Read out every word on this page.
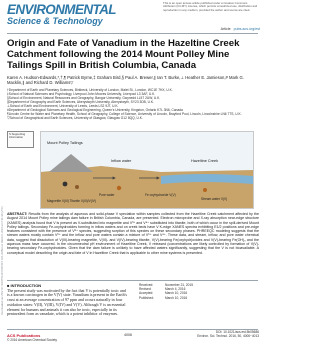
ENVIRONMENTAL
Science & Technology
This is an open access article published under a Creative Commons Attribution (CC-BY) License, which permits unrestricted use, distribution and reproduction in any medium, provided the author and source are cited.
Article pubs.acs.org/est
Origin and Fate of Vanadium in the Hazeltine Creek Catchment following the 2014 Mount Polley Mine Tailings Spill in British Columbia, Canada
Karen A. Hudson-Edwards,*,†,¶ Patrick Byrne,‡ Graham Bird,§ Paul A. Brewer,∥ Ian T. Burke,⊥ Heather E. Jamieson,# Mark G. Macklin,∥ and Richard D. Williams▽
†Department of Earth and Planetary Sciences, Birkbeck, University of London, Malet St., London, WC1E 7HX, U.K.
‡School of Natural Sciences and Psychology, Liverpool John Moores University, Liverpool L3 3AF, U.K.
§School of Environment, Natural Resources and Geography, Bangor University, Gwynedd LL57 2UW, U.K.
∥Department of Geography and Earth Sciences, Aberystwyth University, Aberystwyth, SY23 3DB, U.K.
⊥School of Earth and Environment, University of Leeds, Leeds LS2 9JT, U.K.
#Department of Geological Sciences and Geological Engineering, Queen's University, Kingston, Ontario K7L 3N6, Canada
¶Lincoln Centre for Water and Planetary Health, School of Geography, College of Science, University of Lincoln, Brayford Pool, Lincoln, Lincolnshire LN6 7TS, U.K.
▽School of Geographical and Earth Sciences, University of Glasgow, Glasgow G12 8QQ, U.K.
Downloaded via UNIV OF NORTHERN BRITISH COLUMBIA on March 6, 2024 at 17:21:43 (UTC).
S Supporting Information
Mount Polley Tailings
Magnetite V(III) Titanite V(III)/V(IV)
Inflow water	Hazeltine Creek
Pore water	Fe oxyhydroxide V(V)
Stream water V(V)
ABSTRACT: Results from the analysis of aqueous and solid-phase V speciation within samples collected from the Hazeltine Creek catchment affected by the August 2014 Mount Polley mine tailings dam failure in British Columbia, Canada, are presented. Electron microprobe and X-ray absorption near-edge structure (XANES) analysis found that V is present as V-substituted into magnetite and V³⁺ and V⁴⁺ substituted into titanite, both of which occur in the spill-derived Mount Polley tailings. Secondary Fe-oxyhydroxides forming in inflow waters and on creek beds have V K-edge XANES spectra exhibiting E1/2 positions and pre-edge features consistent with the presence of V⁵⁺ species, suggesting sorption of this species on these secondary phases. PHREEQC modeling suggests that the stream waters mostly contain V⁵⁺ and the inflow and pore waters contain a mixture of V⁵⁺ and V⁴⁺. These data, and stream, inflow, and pore water chemical data, suggest that dissolution of V(III)-bearing magnetite, V(III)- and V(IV)-bearing titanite, V(V)-bearing Fe(oxyhydr)oxides and V(V)-bearing Fe(OH)₃ and the aqueous mass have occurred. In the circumneutral pH environment of Hazeltine Creek, V released (concentrations are likely controlled by formation of V(V)-bearing secondary Fe-oxyhydroxides. Given that the dam failure is unlikely to have affected waters significantly, suggesting that the V is not bioavailable. A conceptual model describing the origin and fate of V in Hazeltine Creek that is applicable to other mine systems is presented.
■ INTRODUCTION
The present study was motivated by the fact that V is potentially toxic and is a known carcinogen in the V(V) state. Vanadium is present in the Earth's crust at an average concentration of 97 ppm and occurs naturally in four oxidation states: V(II), V(III), V(IV) and V(V). Although V is an essential element for humans and animals it can also be toxic, especially in its pentavalent form as vanadate, which is a potent inhibitor of enzymes.
Received:	November 21, 2015
Revised:	March 4, 2016
Accepted:	March 10, 2016
Published:	March 10, 2016
ACS Publications
© 2016 American Chemical Society
4006
DOI: 10.1021/acs.est.5b05686
Environ. Sci. Technol. 2016, 50, 4006−4013
